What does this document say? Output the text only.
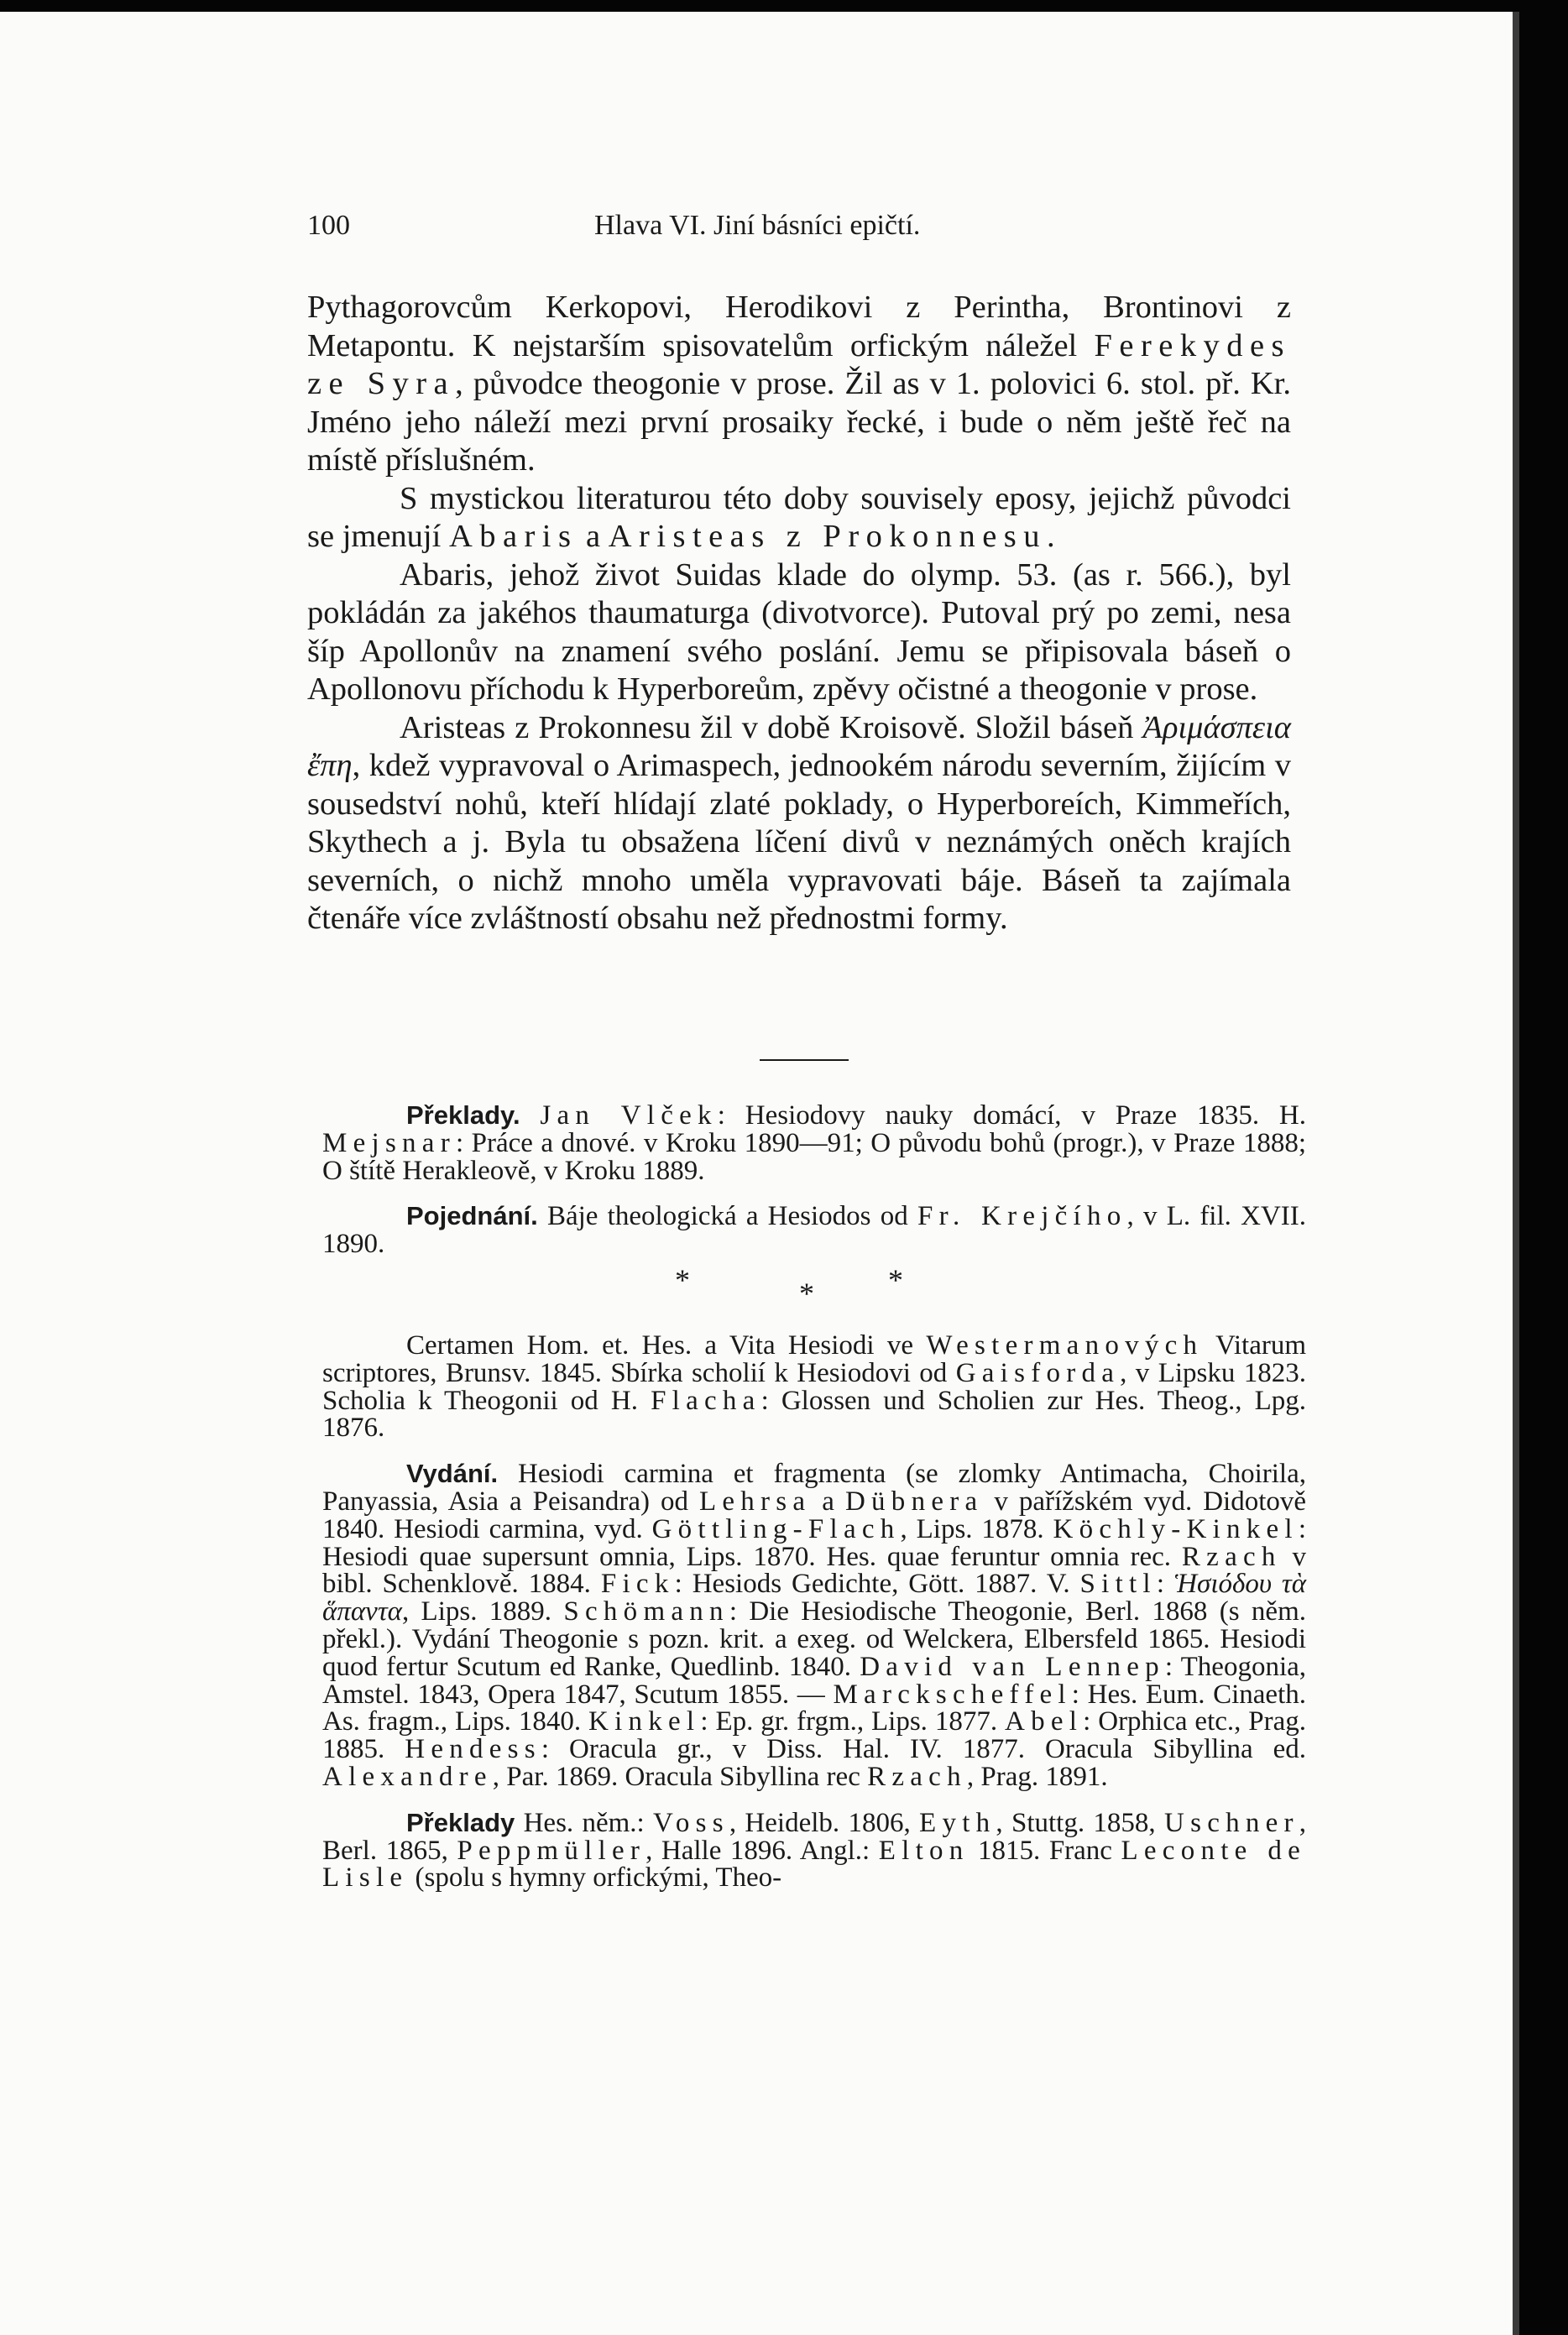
100	Hlava VI. Jiní básníci epičtí.

Pythagorovcům Kerkopovi, Herodikovi z Perintha, Brontinovi z Metapontu. K nejstarším spisovatelům orfickým náležel Ferekydes ze Syra, původce theogonie v prose. Žil as v 1. polovici 6. stol. př. Kr. Jméno jeho náleží mezi první prosaiky řecké, i bude o něm ještě řeč na místě příslušném.

S mystickou literaturou této doby souvisely eposy, jejichž původci se jmenují Abaris a Aristeas z Prokonnesu.

Abaris, jehož život Suidas klade do olymp. 53. (as r. 566.), byl pokládán za jakéhos thaumaturga (divotvorce). Putoval prý po zemi, nesa šíp Apollonův na znamení svého poslání. Jemu se připisovala báseň o Apollonovu příchodu k Hyperboreům, zpěvy očistné a theogonie v prose.

Aristeas z Prokonnesu žil v době Kroisově. Složil báseň Ἀριμάσπεια ἔπη, kdež vypravoval o Arimaspech, jednookém národu severním, žijícím v sousedství nohů, kteří hlídají zlaté poklady, o Hyperboreích, Kimmeřích, Skythech a j. Byla tu obsažena líčení divů v neznámých oněch krajích severních, o nichž mnoho uměla vypravovati báje. Báseň ta zajímala čtenáře více zvláštností obsahu než přednostmi formy.

Překlady. Jan Vlček: Hesiodovy nauky domácí, v Praze 1835. H. Mejsnar: Práce a dnové. v Kroku 1890—91; O původu bohů (progr.), v Praze 1888; O štítě Herakleově, v Kroku 1889.

Pojednání. Báje theologická a Hesiodos od Fr. Krejčího, v L. fil. XVII. 1890.

*	* *

Certamen Hom. et. Hes. a Vita Hesiodi ve Westermanových Vitarum scriptores, Brunsv. 1845. Sbírka scholií k Hesiodovi od Gaisforda, v Lipsku 1823. Scholia k Theogonii od H. Flacha: Glossen und Scholien zur Hes. Theog., Lpg. 1876.

Vydání. Hesiodi carmina et fragmenta (se zlomky Antimacha, Choirila, Panyassia, Asia a Peisandra) od Lehrsa a Dübnera v pařížském vyd. Didotově 1840. Hesiodi carmina, vyd. Göttling-Flach, Lips. 1878. Köchly-Kinkel: Hesiodi quae supersunt omnia, Lips. 1870. Hes. quae feruntur omnia rec. Rzach v bibl. Schenklově. 1884. Fick: Hesiods Gedichte, Gött. 1887. V. Sittl: Ἡσιόδου τὰ ἅπαντα, Lips. 1889. Schömann: Die Hesiodische Theogonie, Berl. 1868 (s něm. překl.). Vydání Theogonie s pozn. krit. a exeg. od Welckera, Elbersfeld 1865. Hesiodi quod fertur Scutum ed Ranke, Quedlinb. 1840. David van Lennep: Theogonia, Amstel. 1843, Opera 1847, Scutum 1855. — Marckscheffel: Hes. Eum. Cinaeth. As. fragm., Lips. 1840. Kinkel: Ep. gr. frgm., Lips. 1877. Abel: Orphica etc., Prag. 1885. Hendess: Oracula gr., v Diss. Hal. IV. 1877. Oracula Sibyllina ed. Alexandre, Par. 1869. Oracula Sibyllina rec Rzach, Prag. 1891.

Překlady Hes. něm.: Voss, Heidelb. 1806, Eyth, Stuttg. 1858, Uschner, Berl. 1865, Peppmüller, Halle 1896. Angl.: Elton 1815. Franc Leconte de Lisle (spolu s hymny orfickými, Theo-
